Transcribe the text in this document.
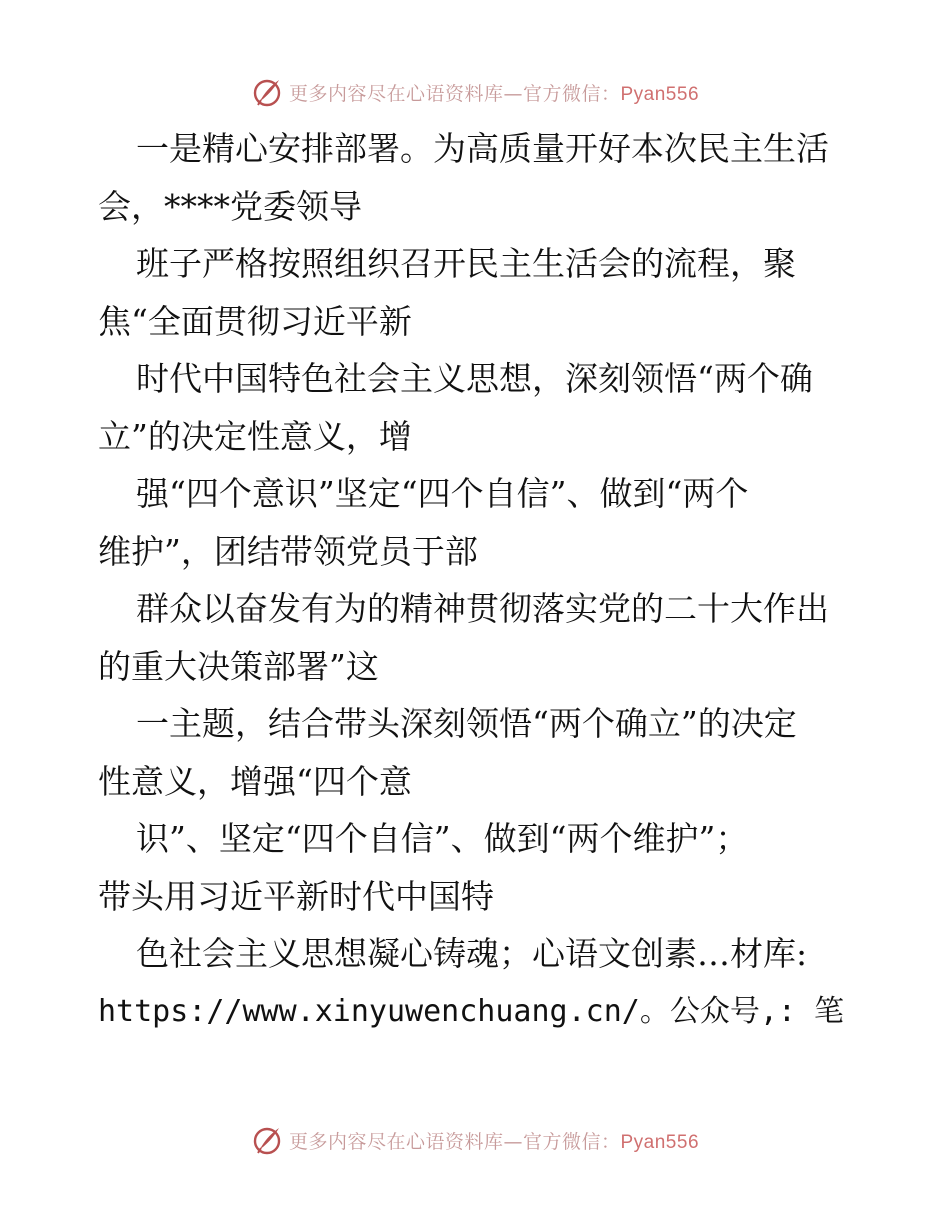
更多内容尽在心语资料库—官方微信：Pyan556
一是精心安排部署。为高质量开好本次民主生活
会，****党委领导
班子严格按照组织召开民主生活会的流程，聚
焦“全面贯彻习近平新
时代中国特色社会主义思想，深刻领悟“两个确
立”的决定性意义，增
强“四个意识”坚定“四个自信”、做到“两个
维护”，团结带领党员于部
群众以奋发有为的精神贯彻落实党的二十大作出
的重大决策部署”这
一主题，结合带头深刻领悟“两个确立”的决定
性意义，增强“四个意
识”、坚定“四个自信”、做到“两个维护”；
带头用习近平新时代中国特
色社会主义思想凝心铸魂；心语文创素…材库:
https://www.xinyuwenchuang.cn/。公众号,: 笔
更多内容尽在心语资料库—官方微信：Pyan556
